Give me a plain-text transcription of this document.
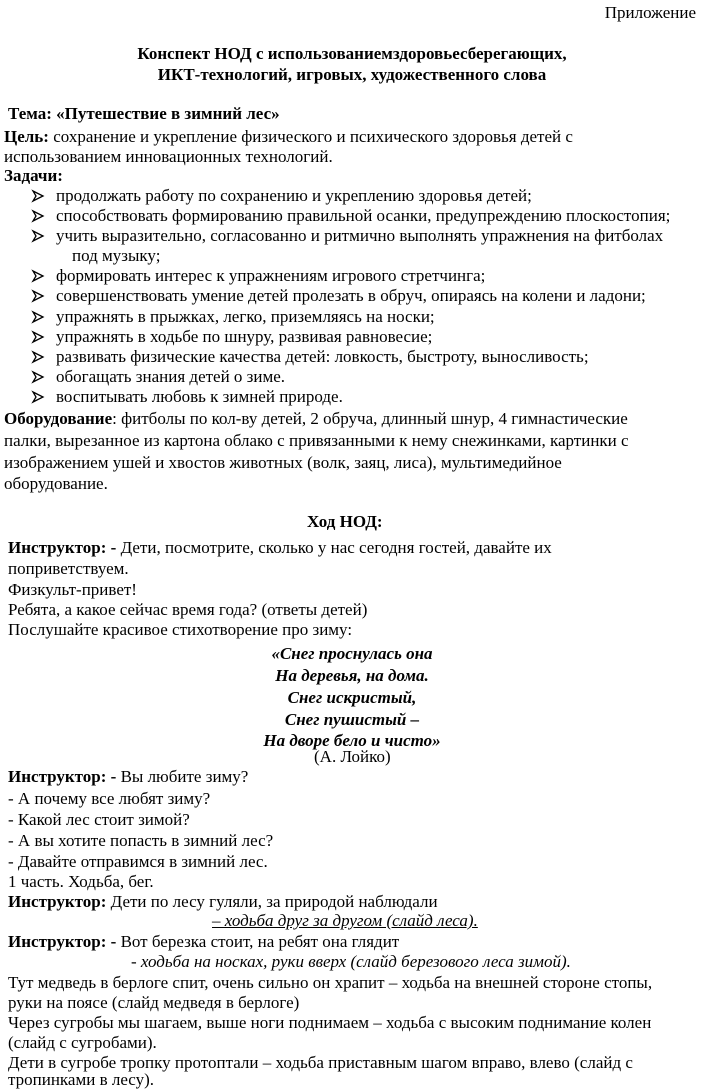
Приложение
Конспект НОД с использованиемздоровьесберегающих,
ИКТ-технологий, игровых, художественного слова
Тема: «Путешествие в зимний лес»
Цель: сохранение и укрепление физического и психического здоровья детей с
использованием инновационных технологий.
Задачи:
продолжать работу по сохранению и укреплению здоровья детей;
способствовать формированию правильной осанки, предупреждению плоскостопия;
учить выразительно, согласованно и ритмично выполнять упражнения на фитболах
под музыку;
формировать интерес к упражнениям игрового стретчинга;
совершенствовать умение детей пролезать в обруч, опираясь на колени и ладони;
упражнять в прыжках, легко, приземляясь на носки;
упражнять в ходьбе по шнуру, развивая равновесие;
развивать физические качества детей: ловкость, быстроту, выносливость;
обогащать знания детей о зиме.
воспитывать любовь к зимней природе.
Оборудование: фитболы по кол-ву детей, 2 обруча, длинный шнур, 4 гимнастические
палки, вырезанное из картона облако с привязанными к нему снежинками, картинки с
изображением ушей и хвостов животных (волк, заяц, лиса), мультимедийное
оборудование.
Ход НОД:
Инструктор: - Дети, посмотрите, сколько у нас сегодня гостей, давайте их
поприветствуем.
Физкульт-привет!
Ребята, а какое сейчас время года? (ответы детей)
Послушайте красивое стихотворение про зиму:
«Снег проснулась она
На деревья, на дома.
Снег искристый,
Снег пушистый –
На дворе бело и чисто»
(А. Лойко)
Инструктор: - Вы любите зиму?
- А почему все любят зиму?
- Какой лес стоит зимой?
- А вы хотите попасть в зимний лес?
- Давайте отправимся в зимний лес.
1 часть. Ходьба, бег.
Инструктор: Дети по лесу гуляли, за природой наблюдали
– ходьба друг за другом (слайд леса).
Инструктор: - Вот березка стоит, на ребят она глядит
- ходьба на носках, руки вверх (слайд березового леса зимой).
Тут медведь в берлоге спит, очень сильно он храпит – ходьба на внешней стороне стопы,
руки на поясе (слайд медведя в берлоге)
Через сугробы мы шагаем, выше ноги поднимаем – ходьба с высоким поднимание колен
(слайд с сугробами).
Дети в сугробе тропку протоптали – ходьба приставным шагом вправо, влево (слайд с
тропинками в лесу).
